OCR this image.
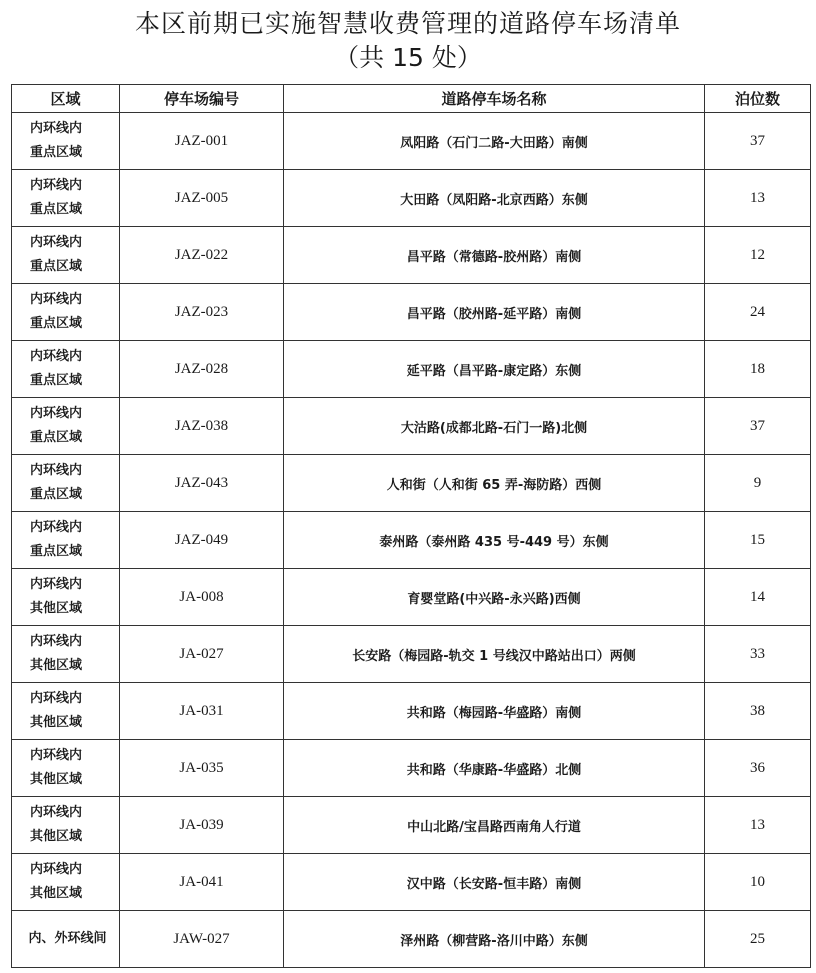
本区前期已实施智慧收费管理的道路停车场清单
（共 15 处）
区域	停车场编号	道路停车场名称	泊位数

内环线内
重点区域	JAZ-001	凤阳路（石门二路-大田路）南侧	37

内环线内
重点区域	JAZ-005	大田路（凤阳路-北京西路）东侧	13

内环线内
重点区域	JAZ-022	昌平路（常德路-胶州路）南侧	12

内环线内
重点区域	JAZ-023	昌平路（胶州路-延平路）南侧	24

内环线内
重点区域	JAZ-028	延平路（昌平路-康定路）东侧	18

内环线内
重点区域	JAZ-038	大沽路(成都北路-石门一路)北侧	37

内环线内
重点区域	JAZ-043	人和街（人和街 65 弄-海防路）西侧	9

内环线内
重点区域	JAZ-049	泰州路（泰州路 435 号-449 号）东侧	15

内环线内
其他区域	JA-008	育婴堂路(中兴路-永兴路)西侧	14

内环线内
其他区域	JA-027	长安路（梅园路-轨交 1 号线汉中路站出口）两侧	33

内环线内
其他区域	JA-031	共和路（梅园路-华盛路）南侧	38

内环线内
其他区域	JA-035	共和路（华康路-华盛路）北侧	36

内环线内
其他区域	JA-039	中山北路/宝昌路西南角人行道	13

内环线内
其他区域	JA-041	汉中路（长安路-恒丰路）南侧	10

内、外环线间	JAW-027	泽州路（柳营路-洛川中路）东侧	25
